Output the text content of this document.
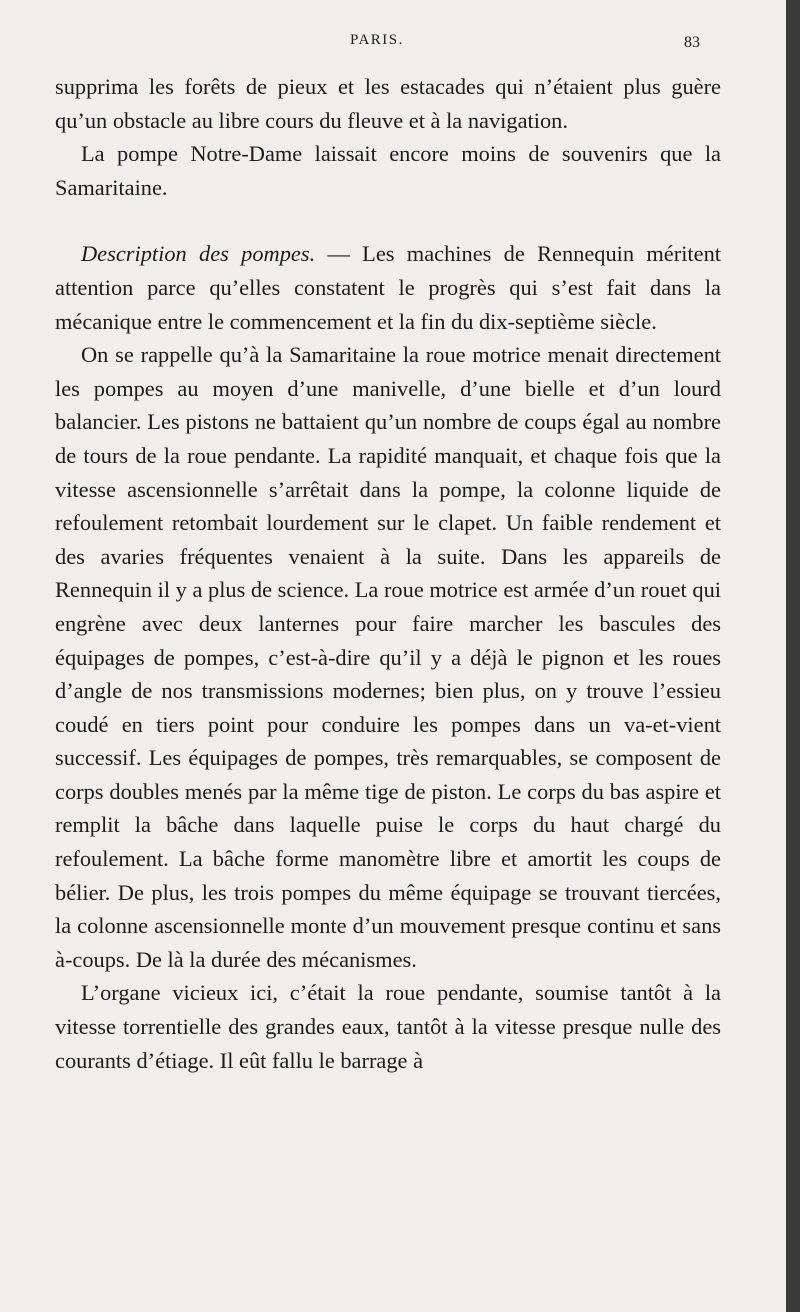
PARIS.	83

supprima les forêts de pieux et les estacades qui n’étaient plus guère qu’un obstacle au libre cours du fleuve et à la navigation.

La pompe Notre-Dame laissait encore moins de souvenirs que la Samaritaine.

Description des pompes. — Les machines de Rennequin méritent attention parce qu’elles constatent le progrès qui s’est fait dans la mécanique entre le commencement et la fin du dix-septième siècle.

On se rappelle qu’à la Samaritaine la roue motrice menait directement les pompes au moyen d’une manivelle, d’une bielle et d’un lourd balancier. Les pistons ne battaient qu’un nombre de coups égal au nombre de tours de la roue pendante. La rapidité manquait, et chaque fois que la vitesse ascensionnelle s’arrêtait dans la pompe, la colonne liquide de refoulement retombait lourdement sur le clapet. Un faible rendement et des avaries fréquentes venaient à la suite. Dans les appareils de Rennequin il y a plus de science. La roue motrice est armée d’un rouet qui engrène avec deux lanternes pour faire marcher les bascules des équipages de pompes, c’est-à-dire qu’il y a déjà le pignon et les roues d’angle de nos transmissions modernes; bien plus, on y trouve l’essieu coudé en tiers point pour conduire les pompes dans un va-et-vient successif. Les équipages de pompes, très remarquables, se composent de corps doubles menés par la même tige de piston. Le corps du bas aspire et remplit la bâche dans laquelle puise le corps du haut chargé du refoulement. La bâche forme manomètre libre et amortit les coups de bélier. De plus, les trois pompes du même équipage se trouvant tiercées, la colonne ascensionnelle monte d’un mouvement presque continu et sans à-coups. De là la durée des mécanismes.

L’organe vicieux ici, c’était la roue pendante, soumise tantôt à la vitesse torrentielle des grandes eaux, tantôt à la vitesse presque nulle des courants d’étiage. Il eût fallu le barrage à
